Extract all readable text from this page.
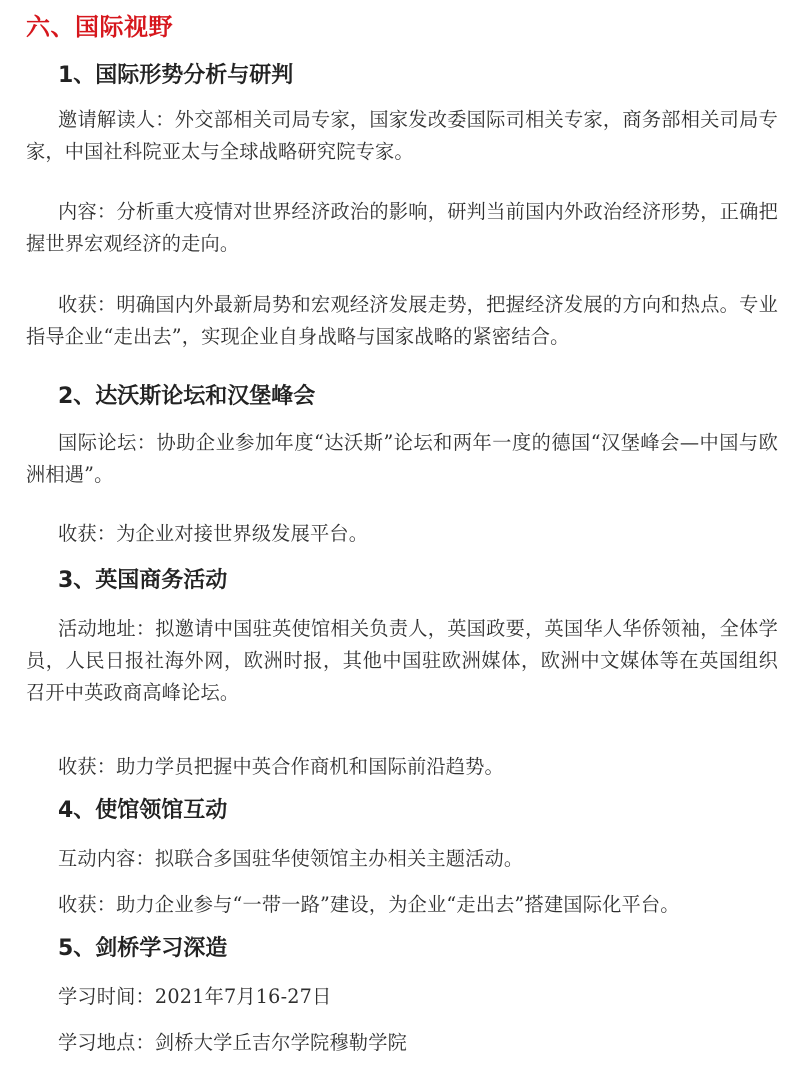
六、国际视野
1、国际形势分析与研判
邀请解读人：外交部相关司局专家，国家发改委国际司相关专家，商务部相关司局专家，中国社科院亚太与全球战略研究院专家。
内容：分析重大疫情对世界经济政治的影响，研判当前国内外政治经济形势，正确把握世界宏观经济的走向。
收获：明确国内外最新局势和宏观经济发展走势，把握经济发展的方向和热点。专业指导企业“走出去”，实现企业自身战略与国家战略的紧密结合。
2、达沃斯论坛和汉堡峰会
国际论坛：协助企业参加年度“达沃斯”论坛和两年一度的德国“汉堡峰会—中国与欧洲相遇”。
收获：为企业对接世界级发展平台。
3、英国商务活动
活动地址：拟邀请中国驻英使馆相关负责人，英国政要，英国华人华侨领袖，全体学员，人民日报社海外网，欧洲时报，其他中国驻欧洲媒体，欧洲中文媒体等在英国组织召开中英政商高峰论坛。
收获：助力学员把握中英合作商机和国际前沿趋势。
4、使馆领馆互动
互动内容：拟联合多国驻华使领馆主办相关主题活动。
收获：助力企业参与“一带一路”建设，为企业“走出去”搭建国际化平台。
5、剑桥学习深造
学习时间：2021年7月16-27日
学习地点：剑桥大学丘吉尔学院穆勒学院
